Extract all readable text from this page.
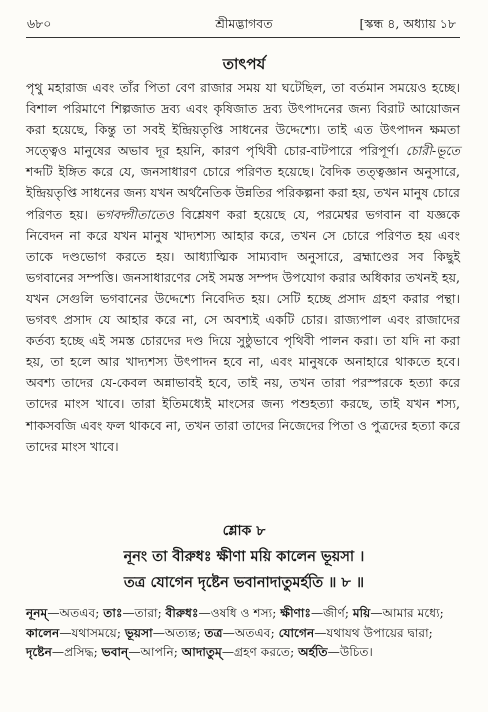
৬৮০	শ্রীমদ্ভাগবত	[স্কন্ধ ৪, অধ্যায় ১৮
তাৎপর্য

পৃথু মহারাজ এবং তাঁর পিতা বেণ রাজার সময় যা ঘটেছিল, তা বর্তমান সময়েও হচ্ছে। বিশাল পরিমাণে শিল্পজাত দ্রব্য এবং কৃষিজাত দ্রব্য উৎপাদনের জন্য বিরাট আয়োজন করা হয়েছে, কিন্তু তা সবই ইন্দ্রিয়তৃপ্তি সাধনের উদ্দেশ্যে। তাই এত উৎপাদন ক্ষমতা সত্ত্বেও মানুষের অভাব দূর হয়নি, কারণ পৃথিবী চোর-বাটপারে পরিপূর্ণ। চোরী-ভূতে শব্দটি ইঙ্গিত করে যে, জনসাধারণ চোরে পরিণত হয়েছে। বৈদিক তত্ত্বজ্ঞান অনুসারে, ইন্দ্রিয়তৃপ্তি সাধনের জন্য যখন অর্থনৈতিক উন্নতির পরিকল্পনা করা হয়, তখন মানুষ চোরে পরিণত হয়। ভগবদ্গীতাতেও বিশ্লেষণ করা হয়েছে যে, পরমেশ্বর ভগবান বা যজ্ঞকে নিবেদন না করে যখন মানুষ খাদ্যশস্য আহার করে, তখন সে চোরে পরিণত হয় এবং তাকে দণ্ডভোগ করতে হয়। আধ্যাত্মিক সাম্যবাদ অনুসারে, ব্রহ্মাণ্ডের সব কিছুই ভগবানের সম্পত্তি। জনসাধারণের সেই সমস্ত সম্পদ উপযোগ করার অধিকার তখনই হয়, যখন সেগুলি ভগবানের উদ্দেশ্যে নিবেদিত হয়। সেটি হচ্ছে প্রসাদ গ্রহণ করার পন্থা। ভগবৎ প্রসাদ যে আহার করে না, সে অবশ্যই একটি চোর। রাজ্যপাল এবং রাজাদের কর্তব্য হচ্ছে এই সমস্ত চোরদের দণ্ড দিয়ে সুষ্ঠুভাবে পৃথিবী পালন করা। তা যদি না করা হয়, তা হলে আর খাদ্যশস্য উৎপাদন হবে না, এবং মানুষকে অনাহারে থাকতে হবে। অবশ্য তাদের যে-কেবল অন্নাভাবই হবে, তাই নয়, তখন তারা পরস্পরকে হত্যা করে তাদের মাংস খাবে। তারা ইতিমধ্যেই মাংসের জন্য পশুহত্যা করছে, তাই যখন শস্য, শাকসবজি এবং ফল থাকবে না, তখন তারা তাদের নিজেদের পিতা ও পুত্রদের হত্যা করে তাদের মাংস খাবে।

শ্লোক ৮
নূনং তা বীরুধঃ ক্ষীণা ময়ি কালেন ভূয়সা ।
তত্র যোগেন দৃষ্টেন ভবানাদাতুমর্হতি ॥ ৮ ॥

নূনম্—অতএব; তাঃ—তারা; বীরুধঃ—ওষধি ও শস্য; ক্ষীণাঃ—জীর্ণ; ময়ি—আমার মধ্যে; কালেন—যথাসময়ে; ভূয়সা—অত্যন্ত; তত্র—অতএব; যোগেন—যথাযথ উপায়ের দ্বারা; দৃষ্টেন—প্রসিদ্ধ; ভবান্—আপনি; আদাতুম্—গ্রহণ করতে; অর্হতি—উচিত।
